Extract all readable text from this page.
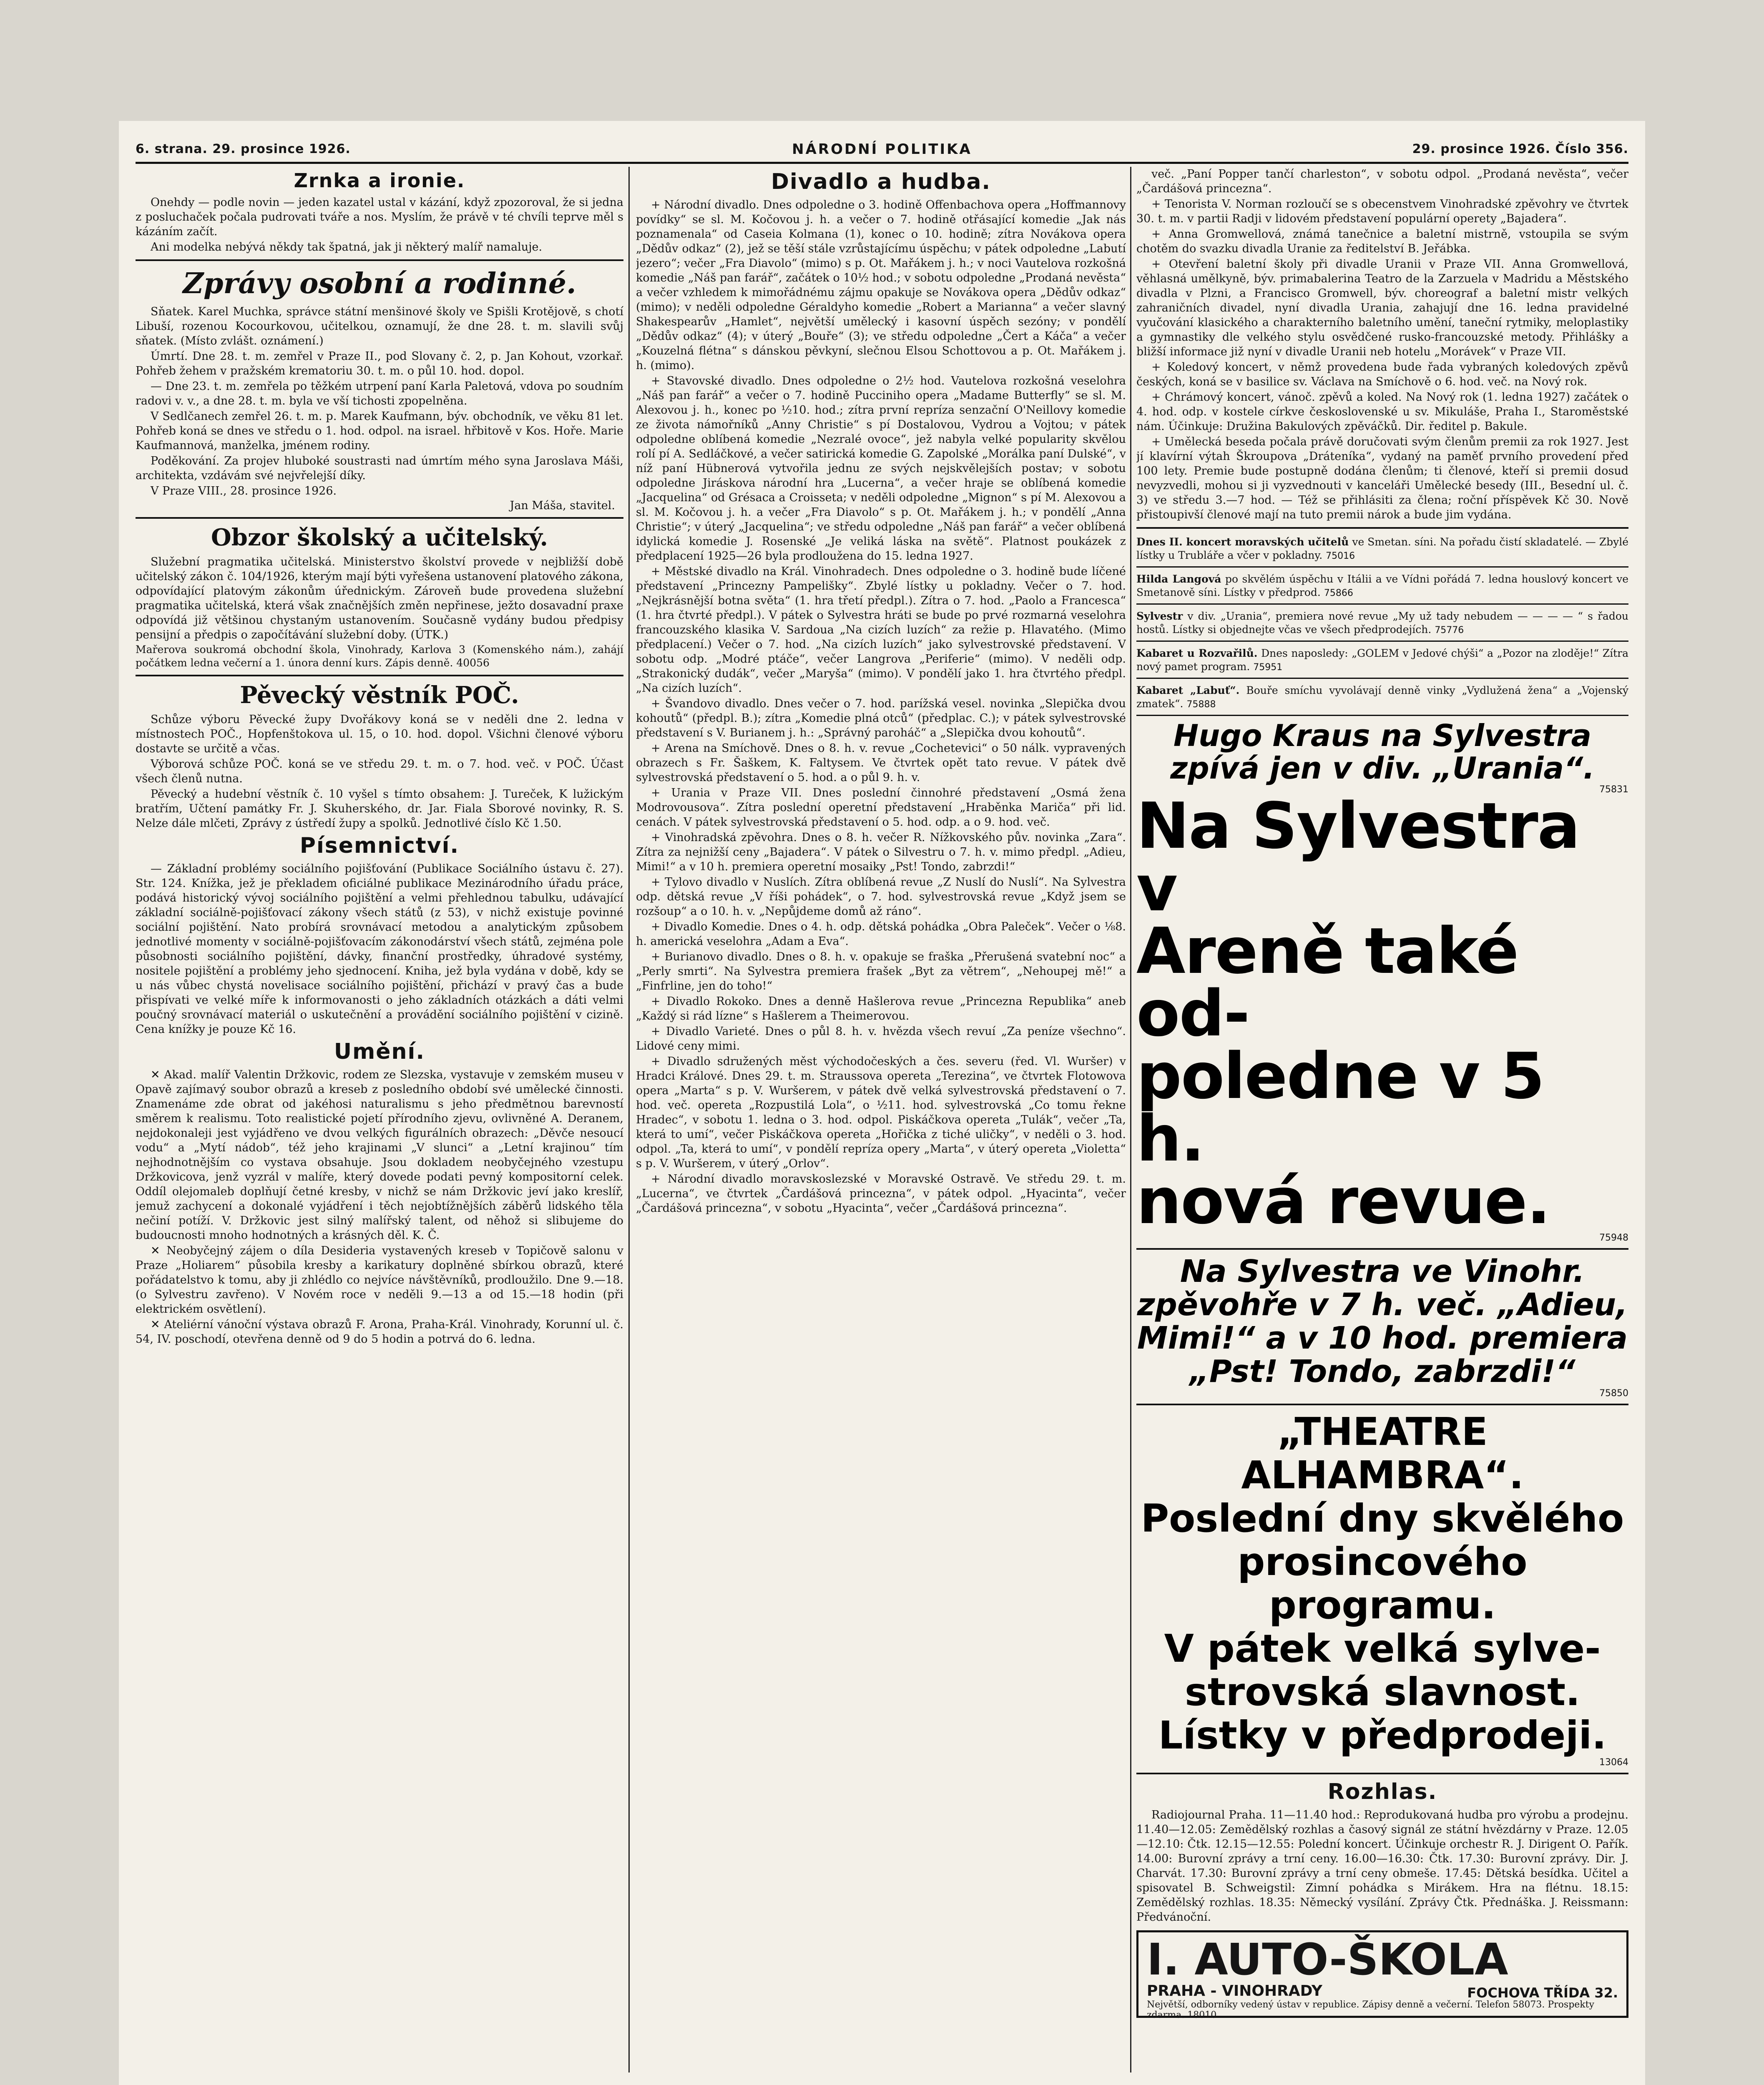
6. strana. 29. prosince 1926.	NÁRODNÍ POLITIKA	29. prosince 1926. Číslo 356.
Zrnka a ironie.

Onehdy — podle novin — jeden kazatel ustal v kázání, když zpozoroval, že si jedna z posluchaček počala pudrovati tváře a nos. Myslím, že právě v té chvíli teprve měl s kázáním začít.

Ani modelka nebývá někdy tak špatná, jak ji některý malíř namaluje.

Zprávy osobní a rodinné.

Sňatek. Karel Muchka, správce státní menšinové školy ve Spišli Krotějově, s chotí Libuší, rozenou Kocourkovou, učitelkou, oznamují, že dne 28. t. m. slavili svůj sňatek. (Místo zvlášt. oznámení.)

Úmrtí. Dne 28. t. m. zemřel v Praze II., pod Slovany č. 2, p. Jan Kohout, vzorkař. Pohřeb žehem v pražském krematoriu 30. t. m. o půl 10. hod. dopol.

— Dne 23. t. m. zemřela po těžkém utrpení paní Karla Paletová, vdova po soudním radovi v. v., a dne 28. t. m. byla ve vší tichosti zpopelněna.

V Sedlčanech zemřel 26. t. m. p. Marek Kaufmann, býv. obchodník, ve věku 81 let. Pohřeb koná se dnes ve středu o 1. hod. odpol. na israel. hřbitově v Kos. Hoře. Marie Kaufmannová, manželka, jménem rodiny.

Poděkování. Za projev hluboké soustrasti nad úmrtím mého syna Jaroslava Máši, architekta, vzdávám své nejvřelejší díky.

V Praze VIII., 28. prosince 1926.

Jan Máša, stavitel.
Obzor školský a učitelský.

Služební pragmatika učitelská. Ministerstvo školství provede v nejbližší době učitelský zákon č. 104/1926, kterým mají býti vyřešena ustanovení platového zákona, odpovídající platovým zákonům úřednickým. Zároveň bude provedena služební pragmatika učitelská, která však značnějších změn nepřinese, ježto dosavadní praxe odpovídá již většinou chystaným ustanovením. Současně vydány budou předpisy pensijní a předpis o započítávání služební doby. (ÚTK.)

Mařerova soukromá obchodní škola, Vinohrady, Karlova 3 (Komenského nám.), zahájí počátkem ledna večerní a 1. února denní kurs. Zápis denně. 40056

Pěvecký věstník POČ.

Schůze výboru Pěvecké župy Dvořákovy koná se v neděli dne 2. ledna v místnostech POČ., Hopfenštokova ul. 15, o 10. hod. dopol. Všichni členové výboru dostavte se určitě a včas.

Výborová schůze POČ. koná se ve středu 29. t. m. o 7. hod. več. v POČ. Účast všech členů nutna.

Pěvecký a hudební věstník č. 10 vyšel s tímto obsahem: J. Tureček, K lužickým bratřím, Učtení památky Fr. J. Skuherského, dr. Jar. Fiala Sborové novinky, R. S. Nelze dále mlčeti, Zprávy z ústředí župy a spolků. Jednotlivé číslo Kč 1.50.

Písemnictví.

— Základní problémy sociálního pojišťování (Publikace Sociálního ústavu č. 27). Str. 124. Knížka, jež je překladem oficiálné publikace Mezinárodního úřadu práce, podává historický vývoj sociálního pojištění a velmi přehlednou tabulku, udávající základní sociálně-pojišťovací zákony všech států (z 53), v nichž existuje povinné sociální pojištění. Nato probírá srovnávací metodou a analytickým způsobem jednotlivé momenty v sociálně-pojišťovacím zákonodárství všech států, zejména pole působnosti sociálního pojištění, dávky, finanční prostředky, úhradové systémy, nositele pojištění a problémy jeho sjednocení. Kniha, jež byla vydána v době, kdy se u nás vůbec chystá novelisace sociálního pojištění, přichází v pravý čas a bude přispívati ve velké míře k informovanosti o jeho základních otázkách a dáti velmi poučný srovnávací materiál o uskutečnění a provádění sociálního pojištění v cizině. Cena knížky je pouze Kč 16.

Umění.

✕ Akad. malíř Valentin Držkovic, rodem ze Slezska, vystavuje v zemském museu v Opavě zajímavý soubor obrazů a kreseb z posledního období své umělecké činnosti. Znamenáme zde obrat od jakéhosi naturalismu s jeho předmětnou barevností směrem k realismu. Toto realistické pojetí přírodního zjevu, ovlivněné A. Deranem, nejdokonaleji jest vyjádřeno ve dvou velkých figurálních obrazech: „Děvče nesoucí vodu“ a „Mytí nádob“, též jeho krajinami „V slunci“ a „Letní krajinou“ tím nejhodnotnějším co vystava obsahuje. Jsou dokladem neobyčejného vzestupu Držkovicova, jenž vyzrál v malíře, který dovede podati pevný kompositorní celek. Oddíl olejomaleb doplňují četné kresby, v nichž se nám Držkovic jeví jako kreslíř, jemuž zachycení a dokonalé vyjádření i těch nejobtížnějších záběrů lidského těla nečiní potíží. V. Držkovic jest silný malířský talent, od něhož si slibujeme do budoucnosti mnoho hodnotných a krásných děl. K. Č.

✕ Neobyčejný zájem o díla Desideria vystavených kreseb v Topičově salonu v Praze „Holiarem“ působila kresby a karikatury doplněné sbírkou obrazů, které pořádatelstvo k tomu, aby ji zhlédlo co nejvíce návštěvníků, prodloužilo. Dne 9.—18. (o Sylvestru zavřeno). V Novém roce v neděli 9.—13 a od 15.—18 hodin (při elektrickém osvětlení).

✕ Ateliérní vánoční výstava obrazů F. Arona, Praha-Král. Vinohrady, Korunní ul. č. 54, IV. poschodí, otevřena denně od 9 do 5 hodin a potrvá do 6. ledna.

Divadlo a hudba.

+ Národní divadlo. Dnes odpoledne o 3. hodině Offenbachova opera „Hoffmannovy povídky“ se sl. M. Kočovou j. h. a večer o 7. hodině otřásající komedie „Jak nás poznamenala“ od Caseia Kolmana (1), konec o 10. hodině; zítra Novákova opera „Dědův odkaz“ (2), jež se těší stále vzrůstajícímu úspěchu; v pátek odpoledne „Labutí jezero“; večer „Fra Diavolo“ (mimo) s p. Ot. Mařákem j. h.; v noci Vautelova rozkošná komedie „Náš pan farář“, začátek o 10½ hod.; v sobotu odpoledne „Prodaná nevěsta“ a večer vzhledem k mimořádnému zájmu opakuje se Novákova opera „Dědův odkaz“ (mimo); v neděli odpoledne Géraldyho komedie „Robert a Marianna“ a večer slavný Shakespearův „Hamlet“, největší umělecký i kasovní úspěch sezóny; v pondělí „Dědův odkaz“ (4); v úterý „Bouře“ (3); ve středu odpoledne „Čert a Káča“ a večer „Kouzelná flétna“ s dánskou pěvkyní, slečnou Elsou Schottovou a p. Ot. Mařákem j. h. (mimo).

+ Stavovské divadlo. Dnes odpoledne o 2½ hod. Vautelova rozkošná veselohra „Náš pan farář“ a večer o 7. hodině Pucciniho opera „Madame Butterfly“ se sl. M. Alexovou j. h., konec po ½10. hod.; zítra první repríza senzační O'Neillovy komedie ze života námořníků „Anny Christie“ s pí Dostalovou, Vydrou a Vojtou; v pátek odpoledne oblíbená komedie „Nezralé ovoce“, jež nabyla velké popularity skvělou rolí pí A. Sedláčkové, a večer satirická komedie G. Zapolské „Morálka paní Dulské“, v níž paní Hübnerová vytvořila jednu ze svých nejskvělejších postav; v sobotu odpoledne Jiráskova národní hra „Lucerna“, a večer hraje se oblíbená komedie „Jacquelina“ od Grésaca a Croisseta; v neděli odpoledne „Mignon“ s pí M. Alexovou a sl. M. Kočovou j. h. a večer „Fra Diavolo“ s p. Ot. Mařákem j. h.; v pondělí „Anna Christie“; v úterý „Jacquelina“; ve středu odpoledne „Náš pan farář“ a večer oblíbená idylická komedie J. Rosenské „Je veliká láska na světě“. Platnost poukázek z předplacení 1925—26 byla prodloužena do 15. ledna 1927.

+ Městské divadlo na Král. Vinohradech. Dnes odpoledne o 3. hodině bude líčené představení „Princezny Pampelišky“. Zbylé lístky u pokladny. Večer o 7. hod. „Nejkrásnější botna světa“ (1. hra třetí předpl.). Zítra o 7. hod. „Paolo a Francesca“ (1. hra čtvrté předpl.). V pátek o Sylvestra hráti se bude po prvé rozmarná veselohra francouzského klasika V. Sardoua „Na cizích luzích“ za režie p. Hlavatého. (Mimo předplacení.) Večer o 7. hod. „Na cizích luzích“ jako sylvestrovské představení. V sobotu odp. „Modré ptáče“, večer Langrova „Periferie“ (mimo). V neděli odp. „Strakonický dudák“, večer „Maryša“ (mimo). V pondělí jako 1. hra čtvrtého předpl. „Na cizích luzích“.

+ Švandovo divadlo. Dnes večer o 7. hod. parížská vesel. novinka „Slepička dvou kohoutů“ (předpl. B.); zítra „Komedie plná otců“ (předplac. C.); v pátek sylvestrovské představení s V. Burianem j. h.: „Správný paroháč“ a „Slepička dvou kohoutů“.

+ Arena na Smíchově. Dnes o 8. h. v. revue „Cochetevici“ o 50 nálk. vypravených obrazech s Fr. Šaškem, K. Faltysem. Ve čtvrtek opět tato revue. V pátek dvě sylvestrovská představení o 5. hod. a o půl 9. h. v.

+ Urania v Praze VII. Dnes poslední činnohré představení „Osmá žena Modrovousova“. Zítra poslední operetní představení „Hraběnka Mariča“ při lid. cenách. V pátek sylvestrovská představení o 5. hod. odp. a o 9. hod. več.

+ Vinohradská zpěvohra. Dnes o 8. h. večer R. Nížkovského pův. novinka „Zara“. Zítra za nejnižší ceny „Bajadera“. V pátek o Silvestru o 7. h. v. mimo předpl. „Adieu, Mimi!“ a v 10 h. premiera operetní mosaiky „Pst! Tondo, zabrzdi!“

+ Tylovo divadlo v Nuslích. Zítra oblíbená revue „Z Nuslí do Nuslí“. Na Sylvestra odp. dětská revue „V říši pohádek“, o 7. hod. sylvestrovská revue „Když jsem se rozšoup“ a o 10. h. v. „Nepůjdeme domů až ráno“.

+ Divadlo Komedie. Dnes o 4. h. odp. dětská pohádka „Obra Paleček“. Večer o ⅛8. h. americká veselohra „Adam a Eva“.

+ Burianovo divadlo. Dnes o 8. h. v. opakuje se fraška „Přerušená svatební noc“ a „Perly smrti“. Na Sylvestra premiera frašek „Byt za větrem“, „Nehoupej mě!“ a „Finfrline, jen do toho!“

+ Divadlo Rokoko. Dnes a denně Hašlerova revue „Princezna Republika“ aneb „Každý si rád lízne“ s Hašlerem a Theimerovou.

+ Divadlo Varieté. Dnes o půl 8. h. v. hvězda všech revuí „Za peníze všechno“. Lidové ceny mimi.

+ Divadlo sdružených měst východočeských a čes. severu (řed. Vl. Wuršer) v Hradci Králové. Dnes 29. t. m. Straussova opereta „Terezina“, ve čtvrtek Flotowova opera „Marta“ s p. V. Wuršerem, v pátek dvě velká sylvestrovská představení o 7. hod. več. opereta „Rozpustilá Lola“, o ½11. hod. sylvestrovská „Co tomu řekne Hradec“, v sobotu 1. ledna o 3. hod. odpol. Piskáčkova opereta „Tulák“, večer „Ta, která to umí“, večer Piskáčkova opereta „Hořička z tiché uličky“, v neděli o 3. hod. odpol. „Ta, která to umí“, v pondělí repríza opery „Marta“, v úterý opereta „Violetta“ s p. V. Wuršerem, v úterý „Orlov“.

+ Národní divadlo moravskoslezské v Moravské Ostravě. Ve středu 29. t. m. „Lucerna“, ve čtvrtek „Čardášová princezna“, v pátek odpol. „Hyacinta“, večer „Čardášová princezna“, v sobotu „Hyacinta“, večer „Čardášová princezna“.

več. „Paní Popper tančí charleston“, v sobotu odpol. „Prodaná nevěsta“, večer „Čardášová princezna“.

+ Tenorista V. Norman rozloučí se s obecenstvem Vinohradské zpěvohry ve čtvrtek 30. t. m. v partii Radji v lidovém představení populární operety „Bajadera“.

+ Anna Gromwellová, známá tanečnice a baletní mistrně, vstoupila se svým chotěm do svazku divadla Uranie za ředitelství B. Jeřábka.

+ Otevření baletní školy při divadle Uranii v Praze VII. Anna Gromwellová, věhlasná umělkyně, býv. primabalerina Teatro de la Zarzuela v Madridu a Městského divadla v Plzni, a Francisco Gromwell, býv. choreograf a baletní mistr velkých zahraničních divadel, nyní divadla Urania, zahajují dne 16. ledna pravidelné vyučování klasického a charakterního baletního umění, taneční rytmiky, meloplastiky a gymnastiky dle velkého stylu osvědčené rusko-francouzské metody. Přihlášky a bližší informace již nyní v divadle Uranii neb hotelu „Morávek“ v Praze VII.

+ Koledový koncert, v němž provedena bude řada vybraných koledových zpěvů českých, koná se v basilice sv. Václava na Smíchově o 6. hod. več. na Nový rok.

+ Chrámový koncert, vánoč. zpěvů a koled. Na Nový rok (1. ledna 1927) začátek o 4. hod. odp. v kostele církve československé u sv. Mikuláše, Praha I., Staroměstské nám. Účinkuje: Družina Bakulových zpěváčků. Dir. ředitel p. Bakule.

+ Umělecká beseda počala právě doručovati svým členům premii za rok 1927. Jest jí klavírní výtah Škroupova „Dráteníka“, vydaný na paměť prvního provedení před 100 lety. Premie bude postupně dodána členům; ti členové, kteří si premii dosud nevyzvedli, mohou si ji vyzvednouti v kanceláři Umělecké besedy (III., Besední ul. č. 3) ve středu 3.—7 hod. — Též se přihlásiti za člena; roční příspěvek Kč 30. Nově přistoupivší členové mají na tuto premii nárok a bude jim vydána.

Dnes II. koncert moravských učitelů ve Smetan. síni. Na pořadu čistí skladatelé. — Zbylé lístky u Trubláře a včer v pokladny. 75016
Hilda Langová po skvělém úspěchu v Itálii a ve Vídni pořádá 7. ledna houslový koncert ve Smetanově síni. Lístky v předprod. 75866
Sylvestr v div. „Urania“, premiera nové revue „My už tady nebudem — — — — “ s řadou hostů. Lístky si objednejte včas ve všech předprodejích. 75776
Kabaret u Rozvařilů. Dnes naposledy: „GOLEM v Jedové chýši“ a „Pozor na zloděje!“ Zítra nový pamet program. 75951
Kabaret „Labuť“. Bouře smíchu vyvolávají denně vinky „Vydlužená žena“ a „Vojenský zmatek“. 75888
Hugo Kraus na Sylvestra zpívá jen v div. „Urania“.
75831
Na Sylvestra v
Areně také od-
poledne v 5 h.
nová revue.	75948
Na Sylvestra ve Vinohr.
zpěvohře v 7 h. več. „Adieu,
Mimi!“ a v 10 hod. premiera
„Pst! Tondo, zabrzdi!“
75850
„THEATRE ALHAMBRA“.
Poslední dny skvělého
prosincového programu.
V pátek velká sylve-
strovská slavnost.
Lístky v předprodeji.
13064
Rozhlas.

Radiojournal Praha. 11—11.40 hod.: Reprodukovaná hudba pro výrobu a prodejnu. 11.40—12.05: Zemědělský rozhlas a časový signál ze státní hvězdárny v Praze. 12.05—12.10: Čtk. 12.15—12.55: Polední koncert. Účinkuje orchestr R. J. Dirigent O. Pařík. 14.00: Burovní zprávy a trní ceny. 16.00—16.30: Čtk. 17.30: Burovní zprávy. Dir. J. Charvát. 17.30: Burovní zprávy a trní ceny obmeše. 17.45: Dětská besídka. Učitel a spisovatel B. Schweigstil: Zimní pohádka s Mirákem. Hra na flétnu. 18.15: Zemědělský rozhlas. 18.35: Německý vysílání. Zprávy Čtk. Přednáška. J. Reissmann: Předvánoční.

I. AUTO-ŠKOLA
PRAHA - VINOHRADY	FOCHOVA TŘÍDA 32.
Největší, odborníky vedený ústav v republice. Zápisy denně a večerní. Telefon 58073. Prospekty zdarma. 18010
